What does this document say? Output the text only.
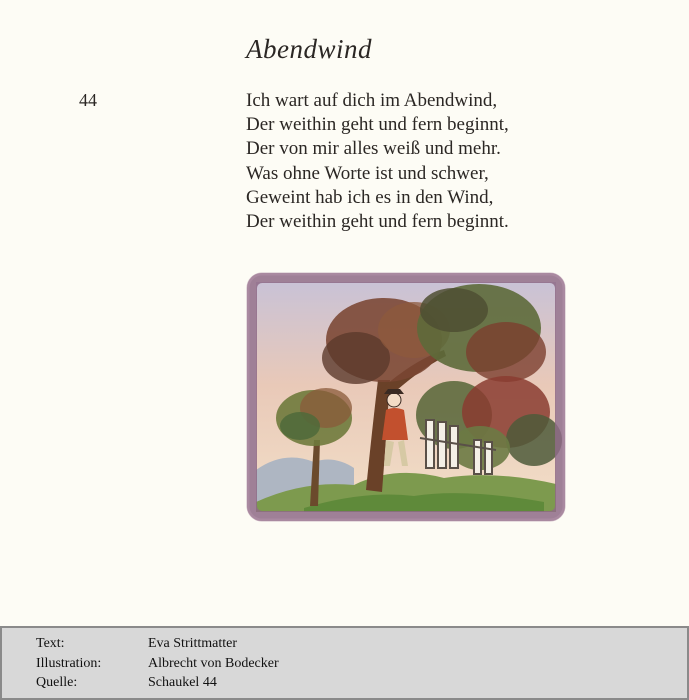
Abendwind
44	Ich wart auf dich im Abendwind,
Der weithin geht und fern beginnt,
Der von mir alles weiß und mehr.
Was ohne Worte ist und schwer,
Geweint hab ich es in den Wind,
Der weithin geht und fern beginnt.
Text:	Eva Strittmatter
Illustration:	Albrecht von Bodecker
Quelle:	Schaukel 44
